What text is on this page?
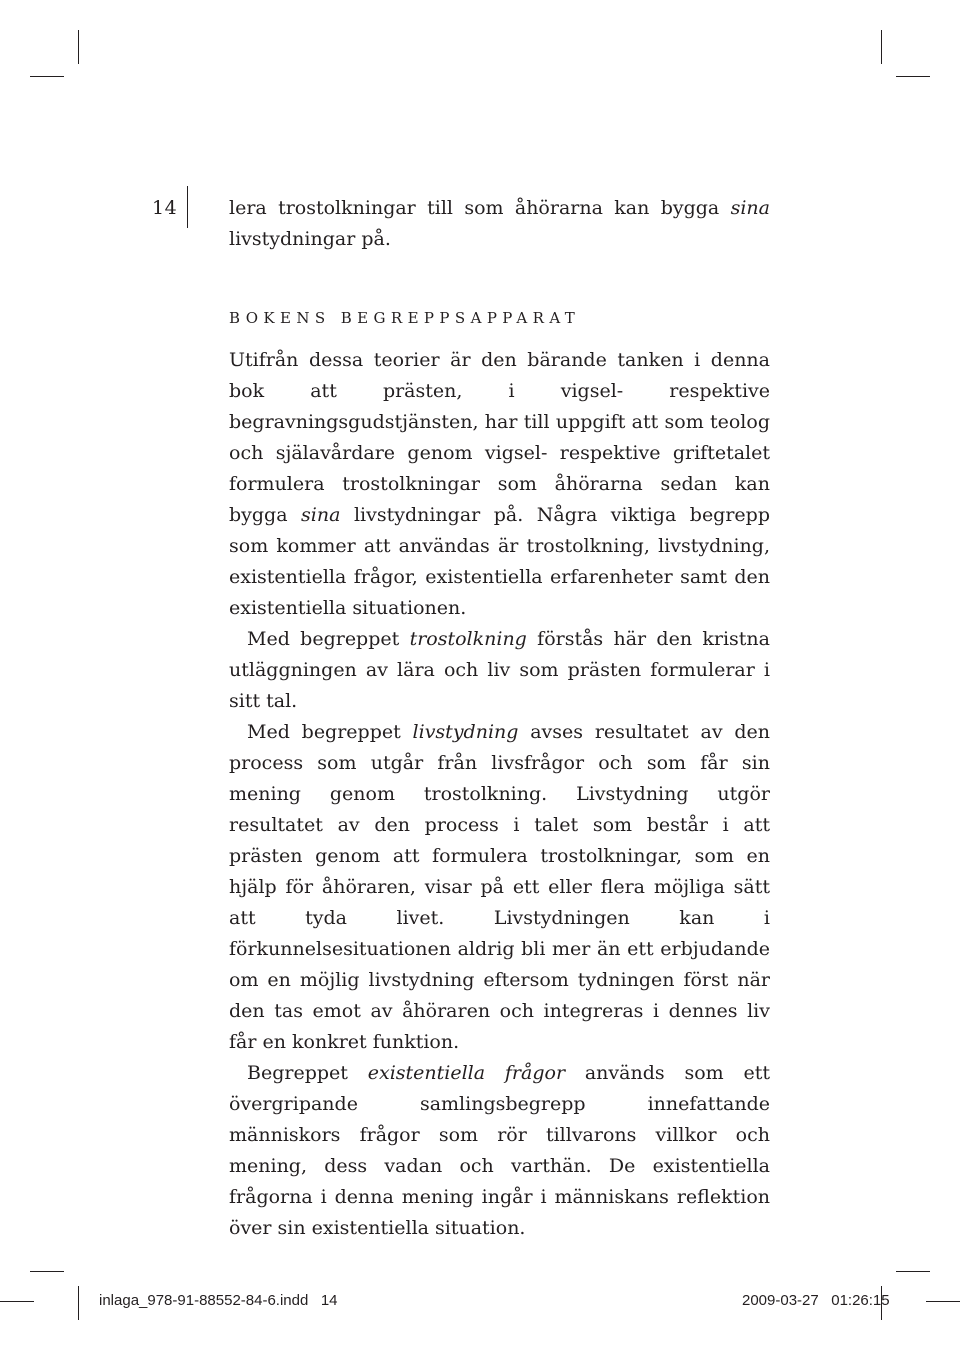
14	lera trostolkningar till som åhörarna kan bygga sina livstydningar på.

BOKENS BEGREPPSAPPARAT

Utifrån dessa teorier är den bärande tanken i denna bok att prästen, i vigsel- respektive begravningsgudstjänsten, har till uppgift att som teolog och själavårdare genom vigsel- respektive griftetalet formulera trostolkningar som åhörarna sedan kan bygga sina livstydningar på. Några viktiga begrepp som kommer att användas är trostolkning, livstydning, existentiella frågor, existentiella erfarenheter samt den existentiella situationen.

Med begreppet trostolkning förstås här den kristna utläggningen av lära och liv som prästen formulerar i sitt tal.

Med begreppet livstydning avses resultatet av den process som utgår från livsfrågor och som får sin mening genom trostolkning. Livstydning utgör resultatet av den process i talet som består i att prästen genom att formulera trostolkningar, som en hjälp för åhöraren, visar på ett eller flera möjliga sätt att tyda livet. Livstydningen kan i förkunnelsesituationen aldrig bli mer än ett erbjudande om en möjlig livstydning eftersom tydningen först när den tas emot av åhöraren och integreras i dennes liv får en konkret funktion.

Begreppet existentiella frågor används som ett övergripande samlingsbegrepp innefattande människors frågor som rör tillvarons villkor och mening, dess vadan och varthän. De existentiella frågorna i denna mening ingår i människans reflektion över sin existentiella situation.

inlaga_978-91-88552-84-6.indd   14	2009-03-27   01:26:15
